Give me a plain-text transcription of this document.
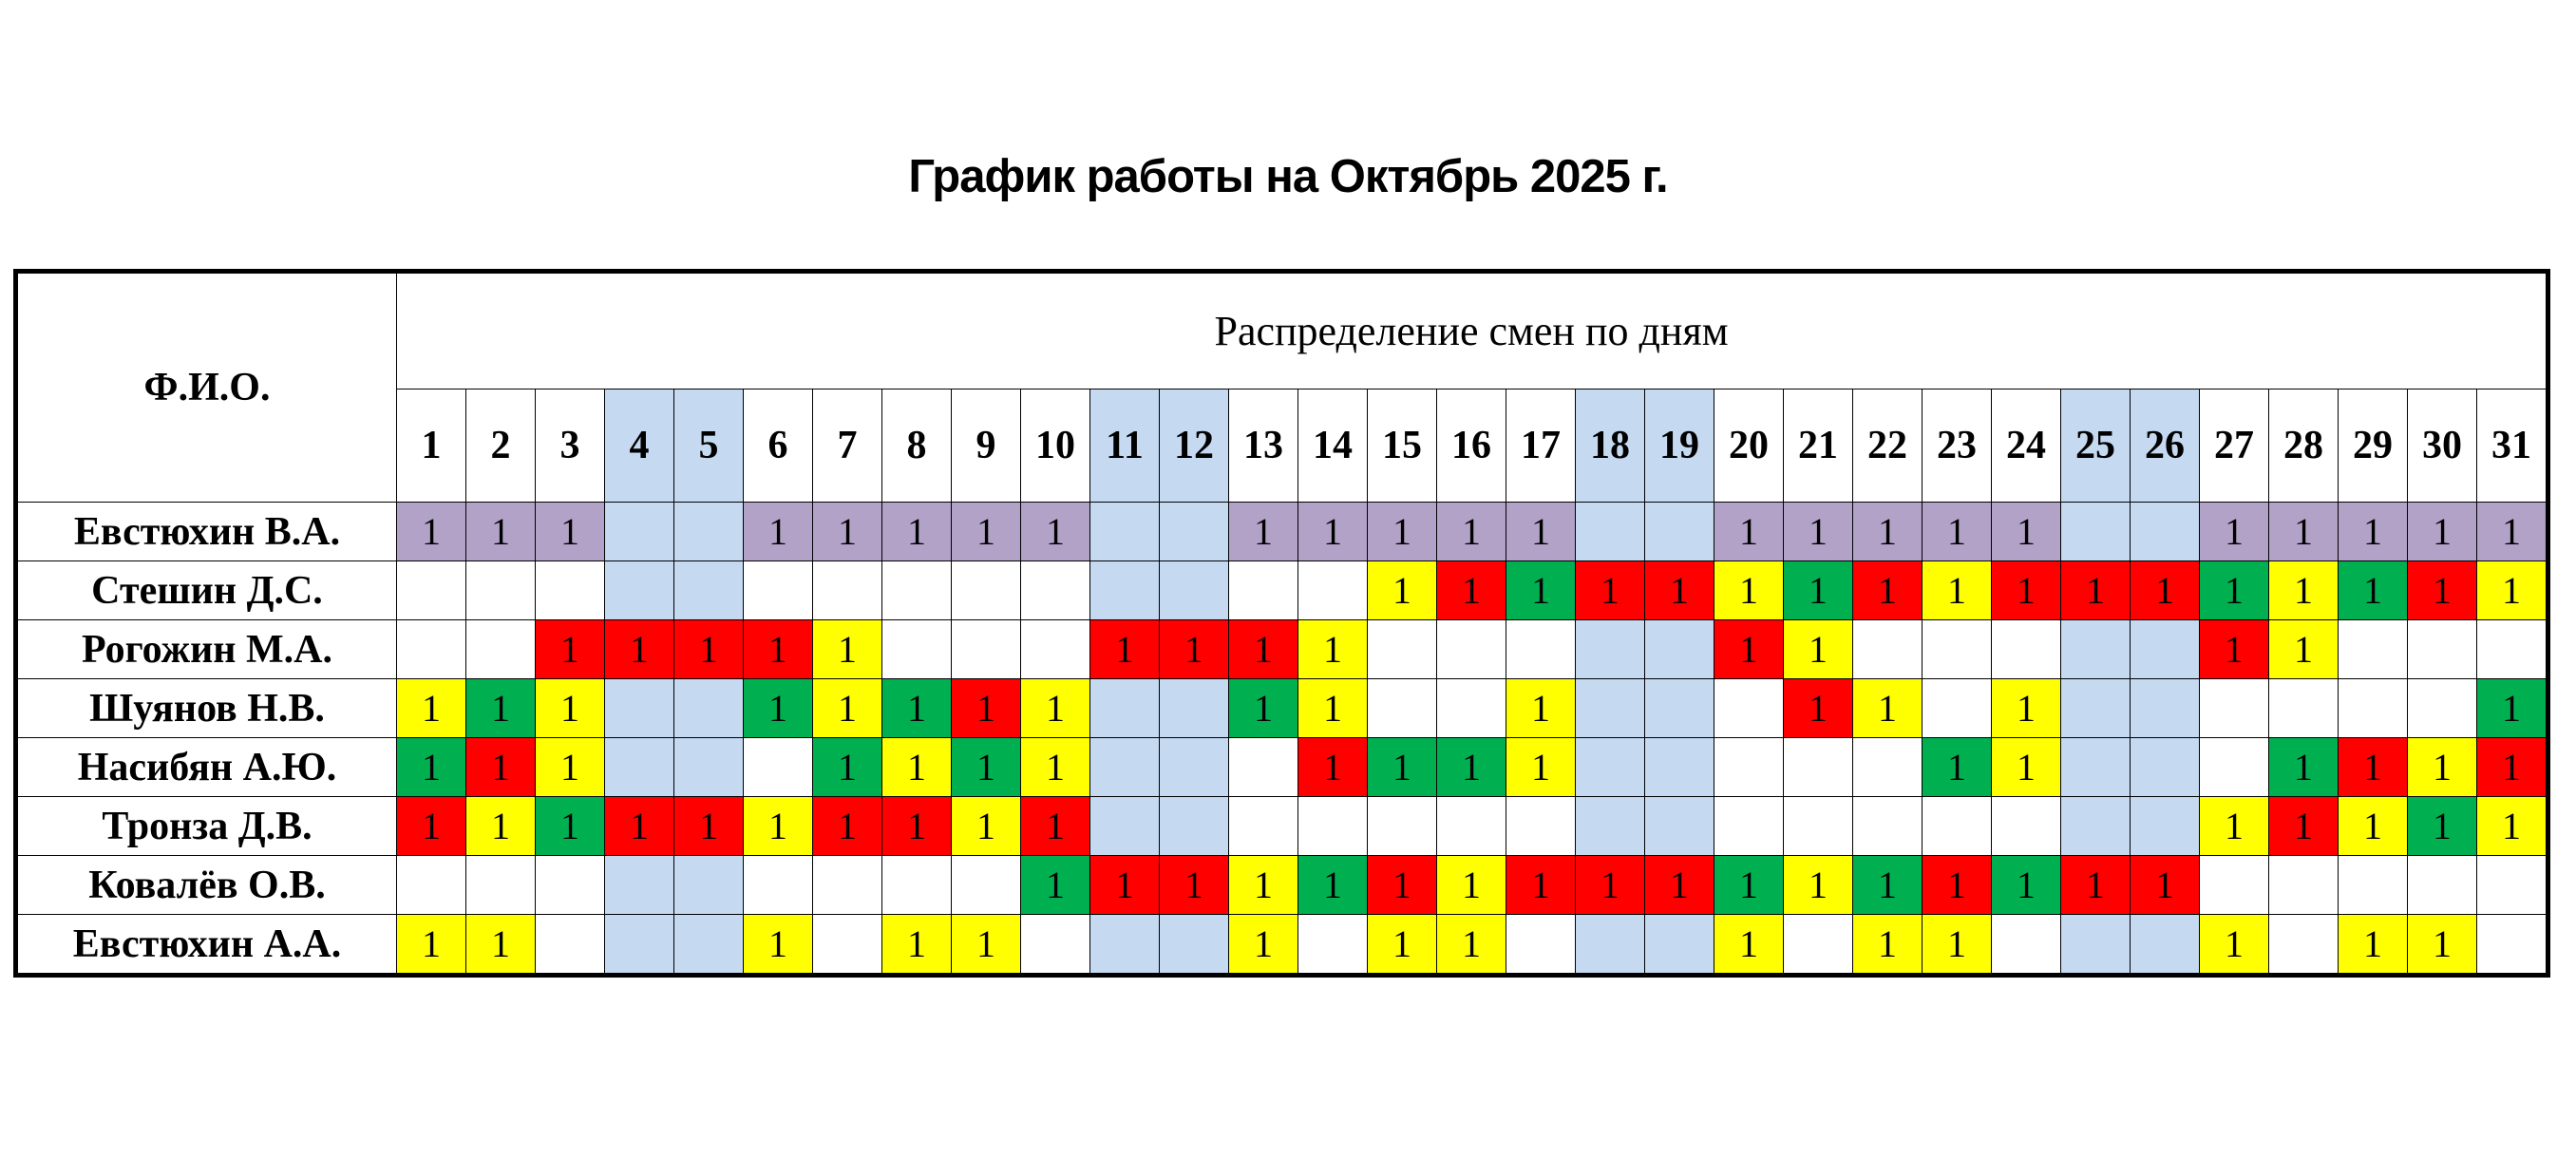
График работы на Октябрь 2025 г.
Ф.И.О.	Распределение смен по дням																														
	1	2	3	4	5	6	7	8	9	10	11	12	13	14	15	16	17	18	19	20	21	22	23	24	25	26	27	28	29	30	31
Евстюхин В.А.	1	1	1			1	1	1	1	1			1	1	1	1	1			1	1	1	1	1			1	1	1	1	1
Стешин Д.С.															1	1	1	1	1	1	1	1	1	1	1	1	1	1	1	1	1
Рогожин М.А.			1	1	1	1	1				1	1	1	1						1	1						1	1			
Шуянов Н.В.	1	1	1			1	1	1	1	1			1	1			1				1	1		1							1
Насибян А.Ю.	1	1	1				1	1	1	1				1	1	1	1						1	1				1	1	1	1
Тронза Д.В.	1	1	1	1	1	1	1	1	1	1																	1	1	1	1	1
Ковалёв О.В.										1	1	1	1	1	1	1	1	1	1	1	1	1	1	1	1	1					
Евстюхин А.А.	1	1				1		1	1				1		1	1				1		1	1				1		1	1	
